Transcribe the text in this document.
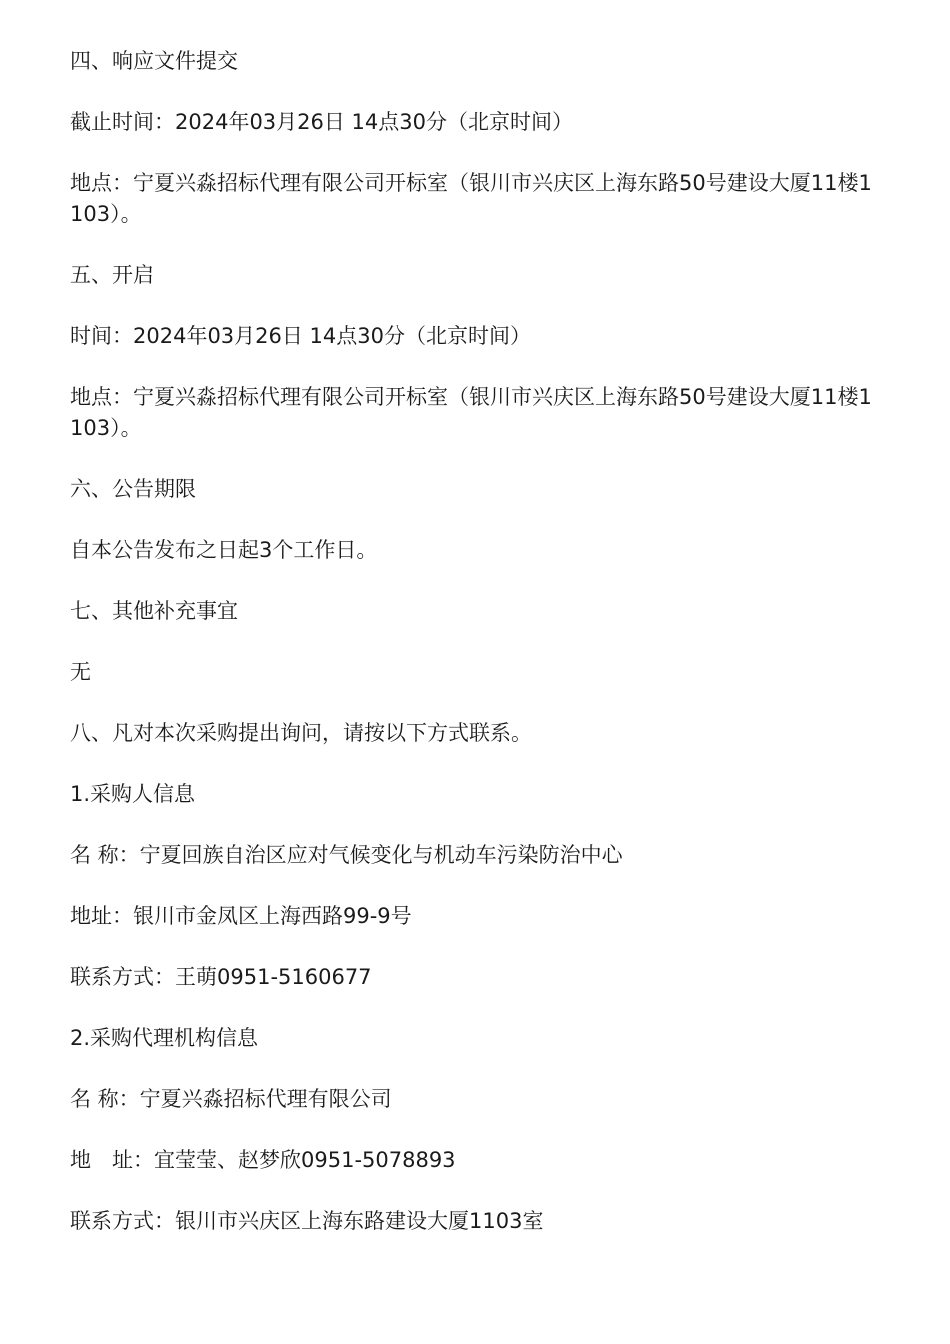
四、响应文件提交

截止时间：2024年03月26日 14点30分（北京时间）

地点：宁夏兴淼招标代理有限公司开标室（银川市兴庆区上海东路50号建设大厦11楼1103）。

五、开启

时间：2024年03月26日 14点30分（北京时间）

地点：宁夏兴淼招标代理有限公司开标室（银川市兴庆区上海东路50号建设大厦11楼1103）。

六、公告期限

自本公告发布之日起3个工作日。

七、其他补充事宜

无

八、凡对本次采购提出询问，请按以下方式联系。

1.采购人信息

名 称：宁夏回族自治区应对气候变化与机动车污染防治中心

地址：银川市金凤区上海西路99-9号

联系方式：王萌0951-5160677

2.采购代理机构信息

名 称：宁夏兴淼招标代理有限公司

地　址：宜莹莹、赵梦欣0951-5078893

联系方式：银川市兴庆区上海东路建设大厦1103室
